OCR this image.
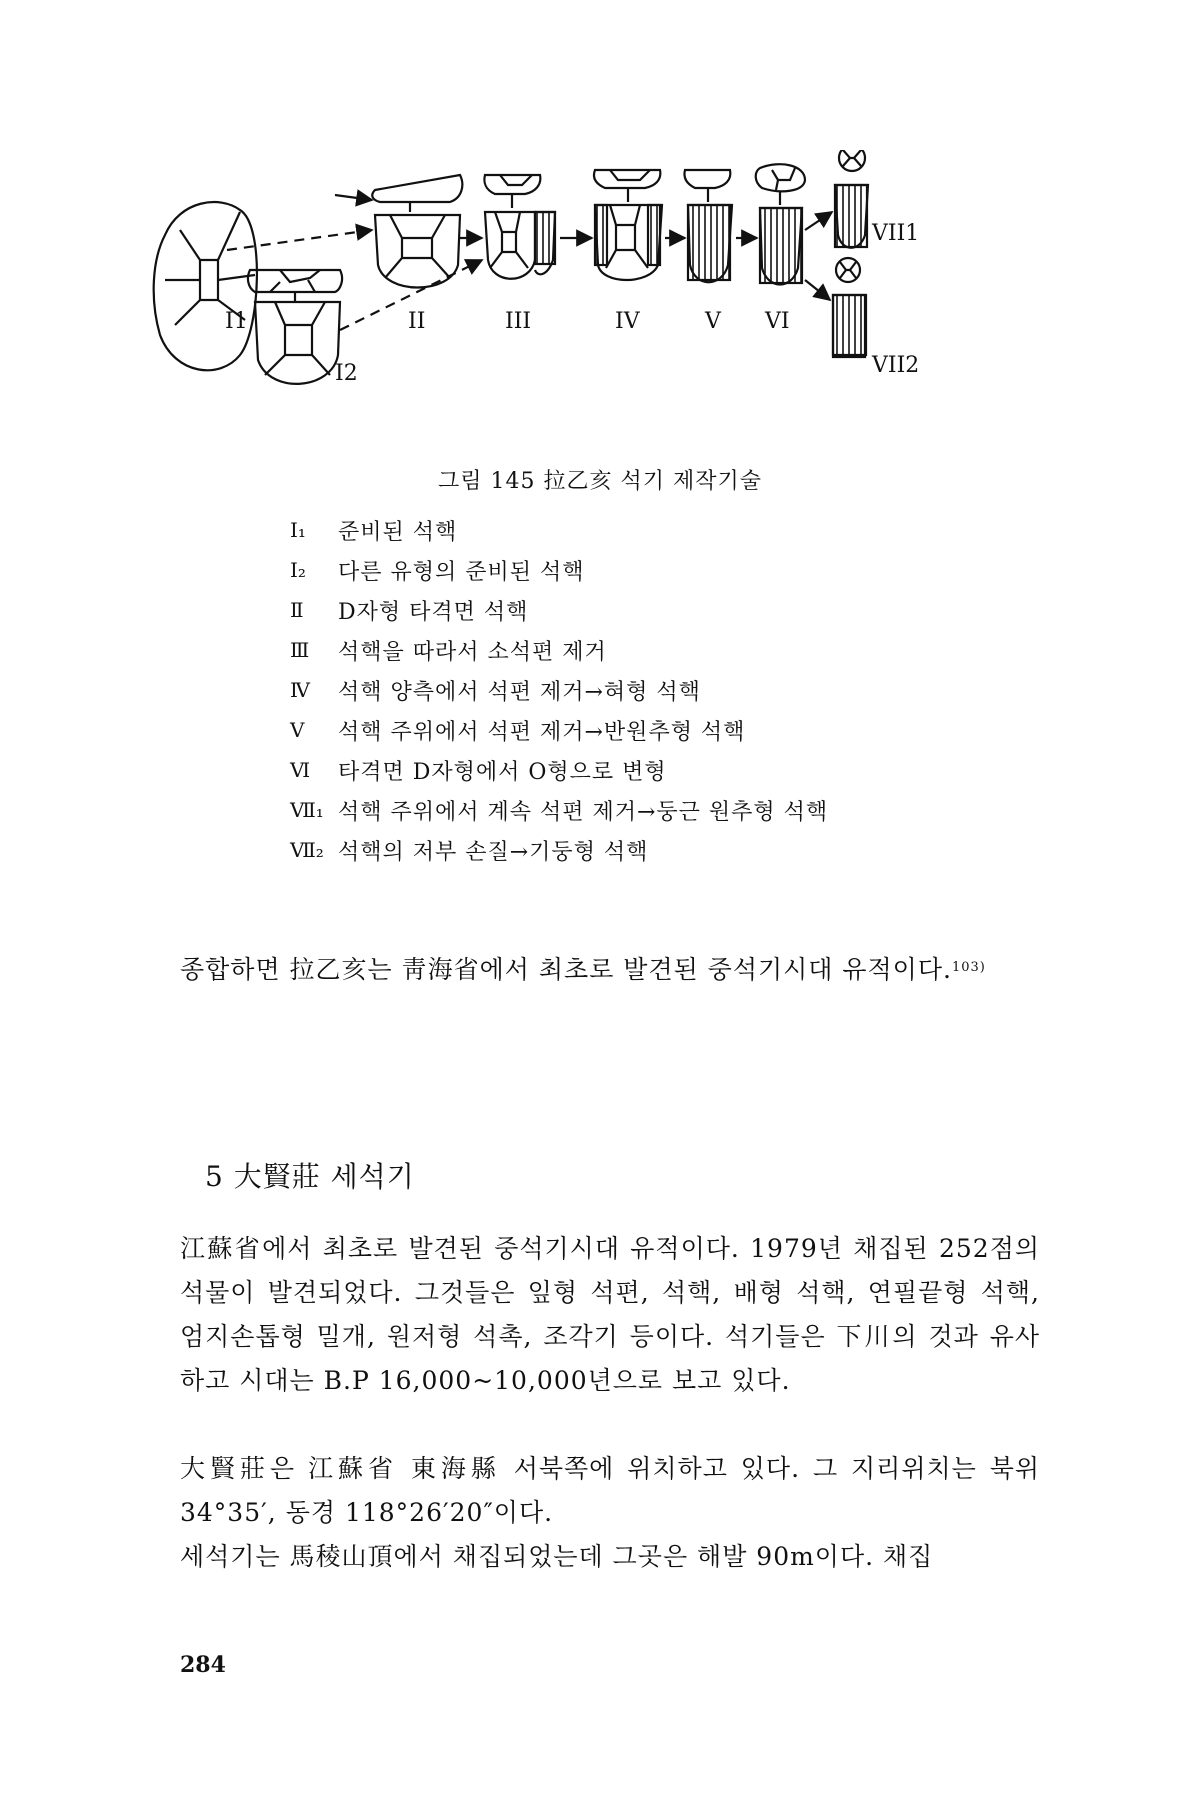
I1
I2
II	III	IV	V VI
VII1
VII2
그림 145 拉乙亥 석기 제작기술
Ⅰ₁	준비된 석핵
Ⅰ₂	다른 유형의 준비된 석핵
Ⅱ	D자형 타격면 석핵
Ⅲ	석핵을 따라서 소석편 제거
Ⅳ	석핵 양측에서 석편 제거→혀형 석핵
Ⅴ	석핵 주위에서 석편 제거→반원추형 석핵
Ⅵ	타격면 D자형에서 O형으로 변형
Ⅶ₁ 석핵 주위에서 계속 석편 제거→둥근 원추형 석핵
Ⅶ₂ 석핵의 저부 손질→기둥형 석핵

종합하면 拉乙亥는 靑海省에서 최초로 발견된 중석기시대 유적이다.$^{103)}$

5 大賢莊 세석기

江蘇省에서 최초로 발견된 중석기시대 유적이다. 1979년 채집된 252점의 석물이 발견되었다. 그것들은 잎형 석편, 석핵, 배형 석핵, 연필끝형 석핵, 엄지손톱형 밀개, 원저형 석촉, 조각기 등이다. 석기들은 下川의 것과 유사하고 시대는 B.P 16,000~10,000년으로 보고 있다.

大賢莊은 江蘇省 東海縣 서북쪽에 위치하고 있다. 그 지리위치는 북위 34°35′, 동경 118°26′20″이다.

세석기는 馬稜山頂에서 채집되었는데 그곳은 해발 90m이다. 채집

284
